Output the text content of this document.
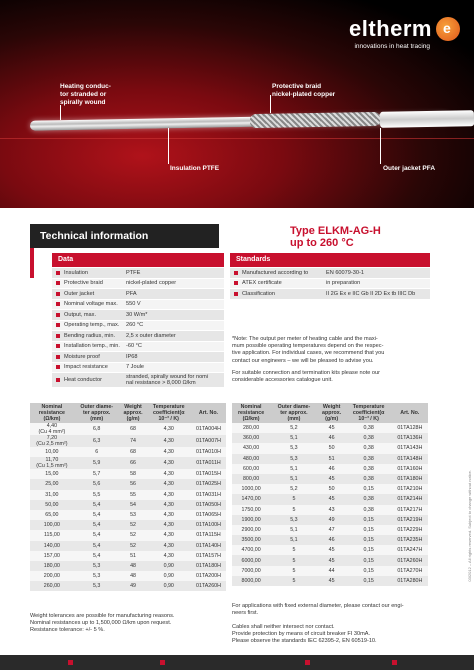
Heating conduc-
tor stranded or
spirally wound
Protective braid
nickel-plated copper
Insulation PTFE	Outer jacket PFA
eltherm e
innovations in heat tracing
Technical information	Type ELKM-AG-H
up to 260 °C
Data
Insulation	PTFE
Protective braid	nickel-plated copper
Outer jacket	PFA
Nominal voltage max.	550 V
Output, max.	30 W/m*
Operating temp., max.	260 °C
Bending radius, min.	2,5 x outer diameter
Installation temp., min.	-60 °C
Moisture proof	IP68
Impact resistance	7 Joule
Heat conductor
stranded, spirally wound for nomi
nal resistance > 8,000 Ω/km
Standards
Manufactured according to	EN 60079-30-1
ATEX certificate	in preparation
Classification	II 2G Ex e IIC Gb II 2D Ex tb IIIC Db
*Note: The output per meter of heating cable and the maxi-
mum possible operating temperatures depend on the respec-
tive application. For individual cases, we recommend that you
contact our engineers – we will be pleased to advise you.
For suitable connection and termination kits please note our
considerable accessories catalogue unit.
Nominal
resistance
(Ω/km)	Outer diame-
ter approx.
(mm)	Weight
approx.
(g/m)	Temperature
coefficient(α
10⁻³ / K)	Art. No.
4,40
(Cu 4 mm²)	6,8	68	4,30	01TA004H
7,20
(Cu 2,5 mm²)	6,3	74	4,30	01TA007H
10,00	6	68	4,30	01TA010H
11,70
(Cu 1,5 mm²)	5,9	66	4,30	01TA011H
15,00	5,7	58	4,30	01TA015H
25,00	5,6	56	4,30	01TA025H
31,00	5,5	55	4,30	01TA031H
50,00	5,4	54	4,30	01TA050H
65,00	5,4	53	4,30	01TA065H
100,00	5,4	52	4,30	01TA100H
115,00	5,4	52	4,30	01TA115H
140,00	5,4	52	4,30	01TA140H
157,00	5,4	51	4,30	01TA157H
180,00	5,3	48	0,90	01TA180H
200,00	5,3	48	0,90	01TA200H
260,00	5,3	49	0,90	01TA260H
Nominal
resistance
(Ω/km)	Outer diame-
ter approx.
(mm)	Weight
approx.
(g/m)	Temperature
coefficient(α
10⁻³ / K)	Art. No.
280,00	5,2	45	0,38	01TA128H
360,00	5,1	46	0,38	01TA136H
430,00	5,3	50	0,38	01TA143H
480,00	5,3	51	0,38	01TA148H
600,00	5,1	46	0,38	01TA160H
800,00	5,1	45	0,38	01TA180H
1000,00	5,2	50	0,15	01TA210H
1470,00	5	45	0,38	01TA214H
1750,00	5	43	0,38	01TA217H
1900,00	5,3	49	0,15	01TA219H
2900,00	5,1	47	0,15	01TA229H
3500,00	5,1	46	0,15	01TA235H
4700,00	5	45	0,15	01TA247H
6000,00	5	45	0,15	01TA260H
7000,00	5	44	0,15	01TA270H
8000,00	5	45	0,15	01TA280H
Weight tolerances are possible for manufacturing reasons.
Nominal resistances up to 1,500,000 Ω/km upon request.
Resistance tolerance: +/- 5 %.
For applications with fixed external diameter, please contact our engi-
neers first.
Cables shall neither intersect nor contact.
Provide protection by means of circuit breaker FI 30mA.
Please observe the standards IEC 62395-2, EN 60519-10.
03/2012 – All rights reserved. Subject to change without notice.
